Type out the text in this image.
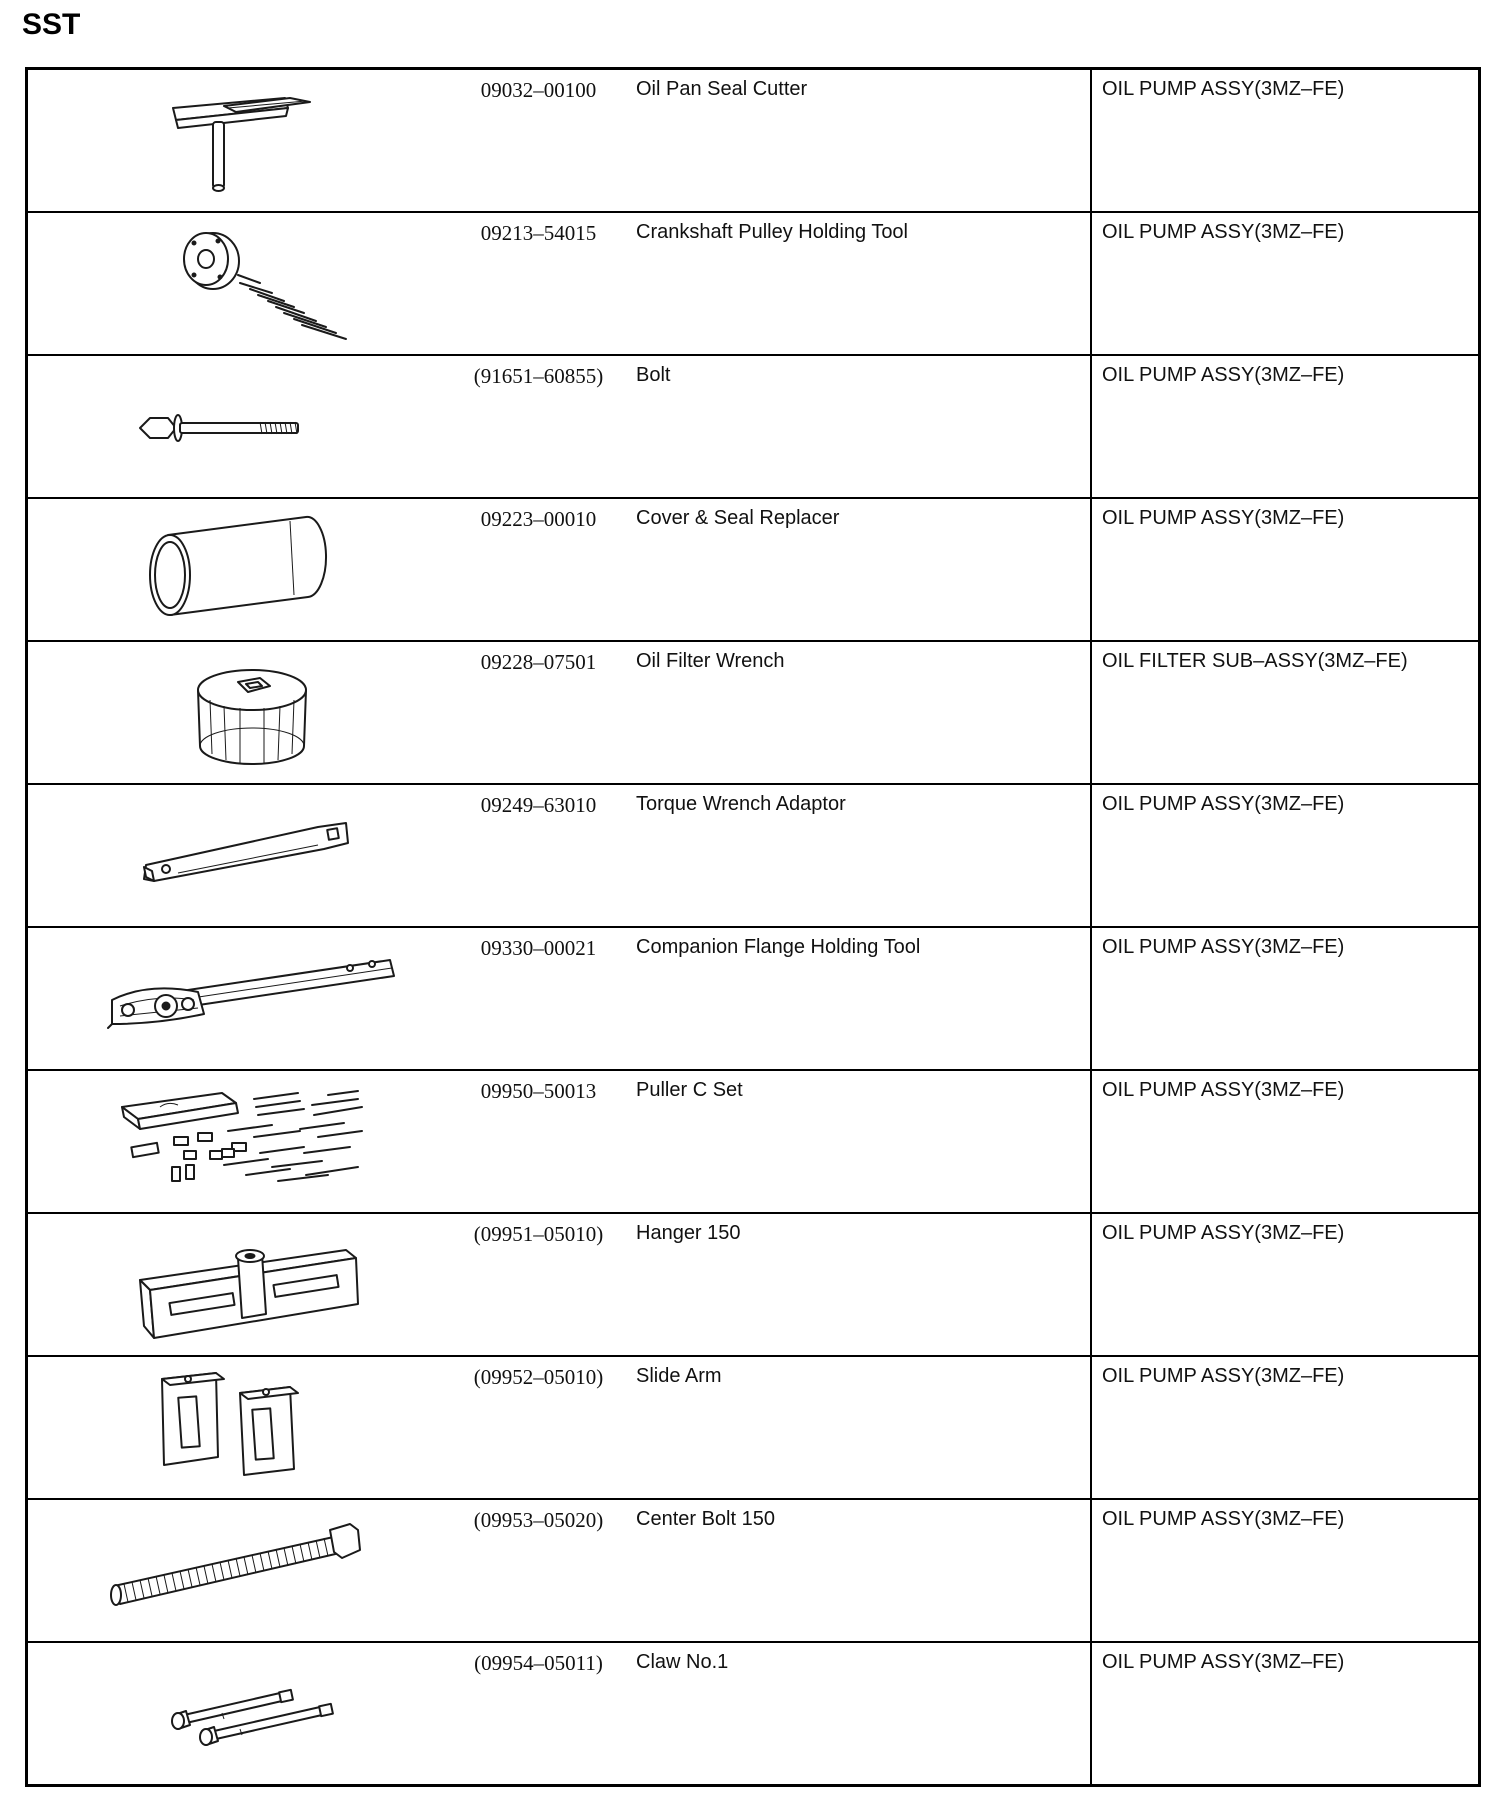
SST
09032–00100 Oil Pan Seal Cutter	OIL PUMP ASSY(3MZ–FE)

09213–54015 Crankshaft Pulley Holding Tool	OIL PUMP ASSY(3MZ–FE)

(91651–60855) Bolt	OIL PUMP ASSY(3MZ–FE)

09223–00010 Cover & Seal Replacer	OIL PUMP ASSY(3MZ–FE)

09228–07501 Oil Filter Wrench	OIL FILTER SUB–ASSY(3MZ–FE)

09249–63010 Torque Wrench Adaptor	OIL PUMP ASSY(3MZ–FE)

09330–00021 Companion Flange Holding Tool	OIL PUMP ASSY(3MZ–FE)

09950–50013 Puller C Set	OIL PUMP ASSY(3MZ–FE)

(09951–05010) Hanger 150	OIL PUMP ASSY(3MZ–FE)

(09952–05010) Slide Arm	OIL PUMP ASSY(3MZ–FE)

(09953–05020) Center Bolt 150	OIL PUMP ASSY(3MZ–FE)

(09954–05011) Claw No.1	OIL PUMP ASSY(3MZ–FE)
